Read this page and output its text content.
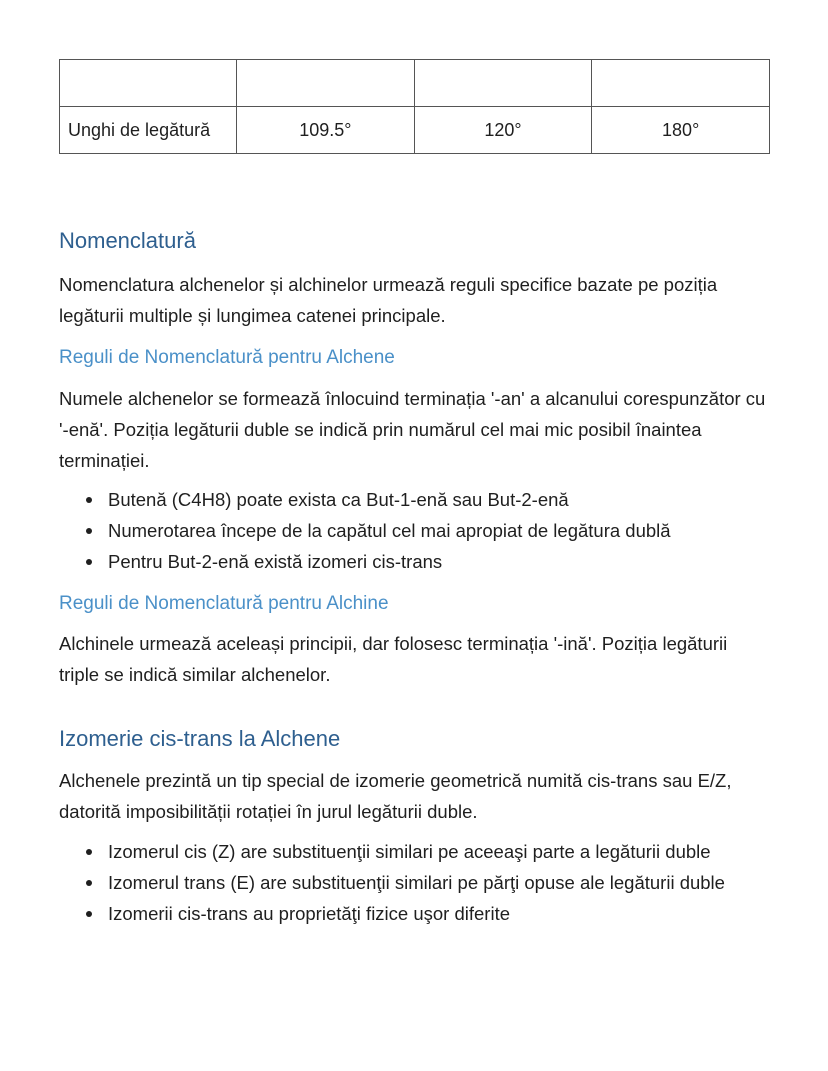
Unghi de legătură	109.5°	120°	180°
Nomenclatură

Nomenclatura alchenelor și alchinelor urmează reguli specifice bazate pe poziția legăturii multiple și lungimea catenei principale.

Reguli de Nomenclatură pentru Alchene

Numele alchenelor se formează înlocuind terminația '-an' a alcanului corespunzător cu '-enă'. Poziția legăturii duble se indică prin numărul cel mai mic posibil înaintea terminației.

Butenă (C4H8) poate exista ca But-1-enă sau But-2-enă
Numerotarea începe de la capătul cel mai apropiat de legătura dublă
Pentru But-2-enă există izomeri cis-trans
Reguli de Nomenclatură pentru Alchine

Alchinele urmează aceleași principii, dar folosesc terminația '-ină'. Poziția legăturii triple se indică similar alchenelor.

Izomerie cis-trans la Alchene

Alchenele prezintă un tip special de izomerie geometrică numită cis-trans sau E/Z, datorită imposibilității rotației în jurul legăturii duble.

Izomerul cis (Z) are substituenţii similari pe aceeaşi parte a legăturii duble
Izomerul trans (E) are substituenţii similari pe părţi opuse ale legăturii duble
Izomerii cis-trans au proprietăţi fizice uşor diferite
